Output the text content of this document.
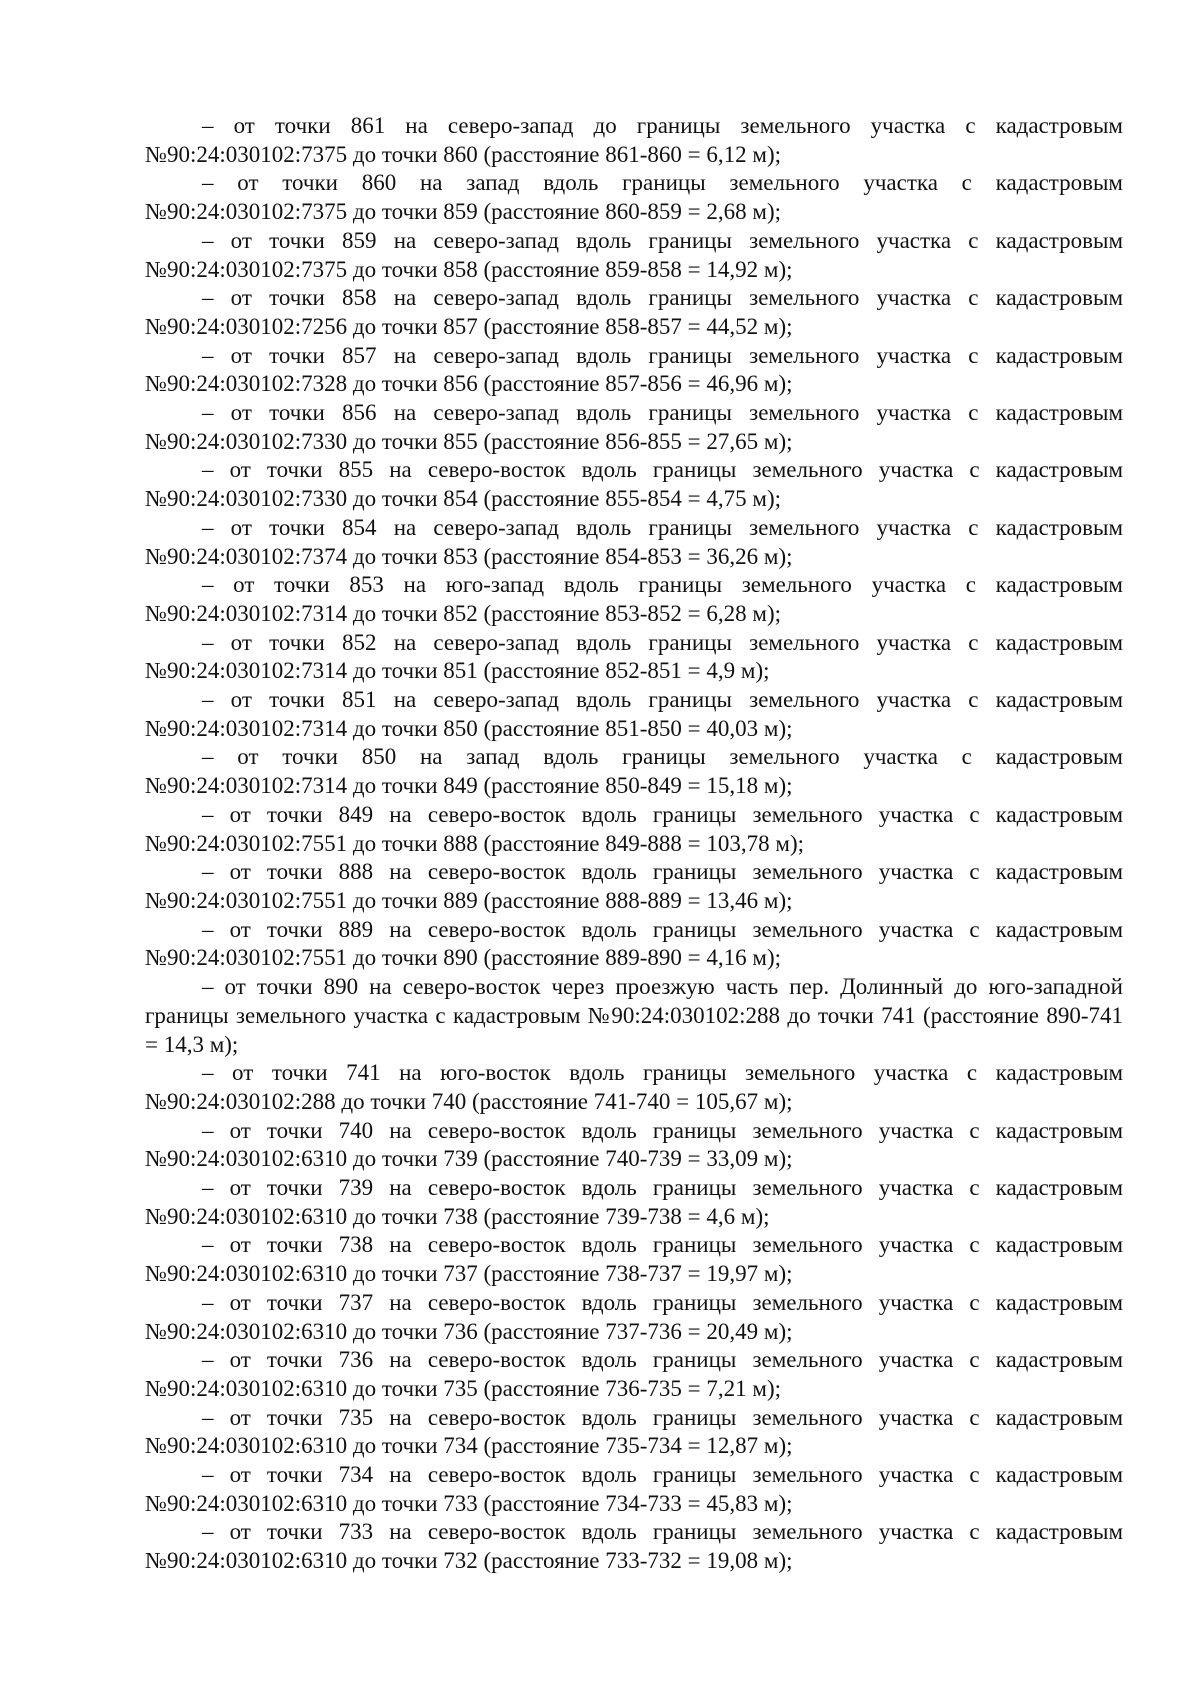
– от точки 861 на северо-запад до границы земельного участка с кадастровым №90:24:030102:7375 до точки 860 (расстояние 861-860 = 6,12 м);

– от точки 860 на запад вдоль границы земельного участка с кадастровым №90:24:030102:7375 до точки 859 (расстояние 860-859 = 2,68 м);

– от точки 859 на северо-запад вдоль границы земельного участка с кадастровым №90:24:030102:7375 до точки 858 (расстояние 859-858 = 14,92 м);

– от точки 858 на северо-запад вдоль границы земельного участка с кадастровым №90:24:030102:7256 до точки 857 (расстояние 858-857 = 44,52 м);

– от точки 857 на северо-запад вдоль границы земельного участка с кадастровым №90:24:030102:7328 до точки 856 (расстояние 857-856 = 46,96 м);

– от точки 856 на северо-запад вдоль границы земельного участка с кадастровым №90:24:030102:7330 до точки 855 (расстояние 856-855 = 27,65 м);

– от точки 855 на северо-восток вдоль границы земельного участка с кадастровым №90:24:030102:7330 до точки 854 (расстояние 855-854 = 4,75 м);

– от точки 854 на северо-запад вдоль границы земельного участка с кадастровым №90:24:030102:7374 до точки 853 (расстояние 854-853 = 36,26 м);

– от точки 853 на юго-запад вдоль границы земельного участка с кадастровым №90:24:030102:7314 до точки 852 (расстояние 853-852 = 6,28 м);

– от точки 852 на северо-запад вдоль границы земельного участка с кадастровым №90:24:030102:7314 до точки 851 (расстояние 852-851 = 4,9 м);

– от точки 851 на северо-запад вдоль границы земельного участка с кадастровым №90:24:030102:7314 до точки 850 (расстояние 851-850 = 40,03 м);

– от точки 850 на запад вдоль границы земельного участка с кадастровым №90:24:030102:7314 до точки 849 (расстояние 850-849 = 15,18 м);

– от точки 849 на северо-восток вдоль границы земельного участка с кадастровым №90:24:030102:7551 до точки 888 (расстояние 849-888 = 103,78 м);

– от точки 888 на северо-восток вдоль границы земельного участка с кадастровым №90:24:030102:7551 до точки 889 (расстояние 888-889 = 13,46 м);

– от точки 889 на северо-восток вдоль границы земельного участка с кадастровым №90:24:030102:7551 до точки 890 (расстояние 889-890 = 4,16 м);

– от точки 890 на северо-восток через проезжую часть пер. Долинный до юго-западной границы земельного участка с кадастровым №90:24:030102:288 до точки 741 (расстояние 890-741 = 14,3 м);

– от точки 741 на юго-восток вдоль границы земельного участка с кадастровым №90:24:030102:288 до точки 740 (расстояние 741-740 = 105,67 м);

– от точки 740 на северо-восток вдоль границы земельного участка с кадастровым №90:24:030102:6310 до точки 739 (расстояние 740-739 = 33,09 м);

– от точки 739 на северо-восток вдоль границы земельного участка с кадастровым №90:24:030102:6310 до точки 738 (расстояние 739-738 = 4,6 м);

– от точки 738 на северо-восток вдоль границы земельного участка с кадастровым №90:24:030102:6310 до точки 737 (расстояние 738-737 = 19,97 м);

– от точки 737 на северо-восток вдоль границы земельного участка с кадастровым №90:24:030102:6310 до точки 736 (расстояние 737-736 = 20,49 м);

– от точки 736 на северо-восток вдоль границы земельного участка с кадастровым №90:24:030102:6310 до точки 735 (расстояние 736-735 = 7,21 м);

– от точки 735 на северо-восток вдоль границы земельного участка с кадастровым №90:24:030102:6310 до точки 734 (расстояние 735-734 = 12,87 м);

– от точки 734 на северо-восток вдоль границы земельного участка с кадастровым №90:24:030102:6310 до точки 733 (расстояние 734-733 = 45,83 м);

– от точки 733 на северо-восток вдоль границы земельного участка с кадастровым №90:24:030102:6310 до точки 732 (расстояние 733-732 = 19,08 м);
